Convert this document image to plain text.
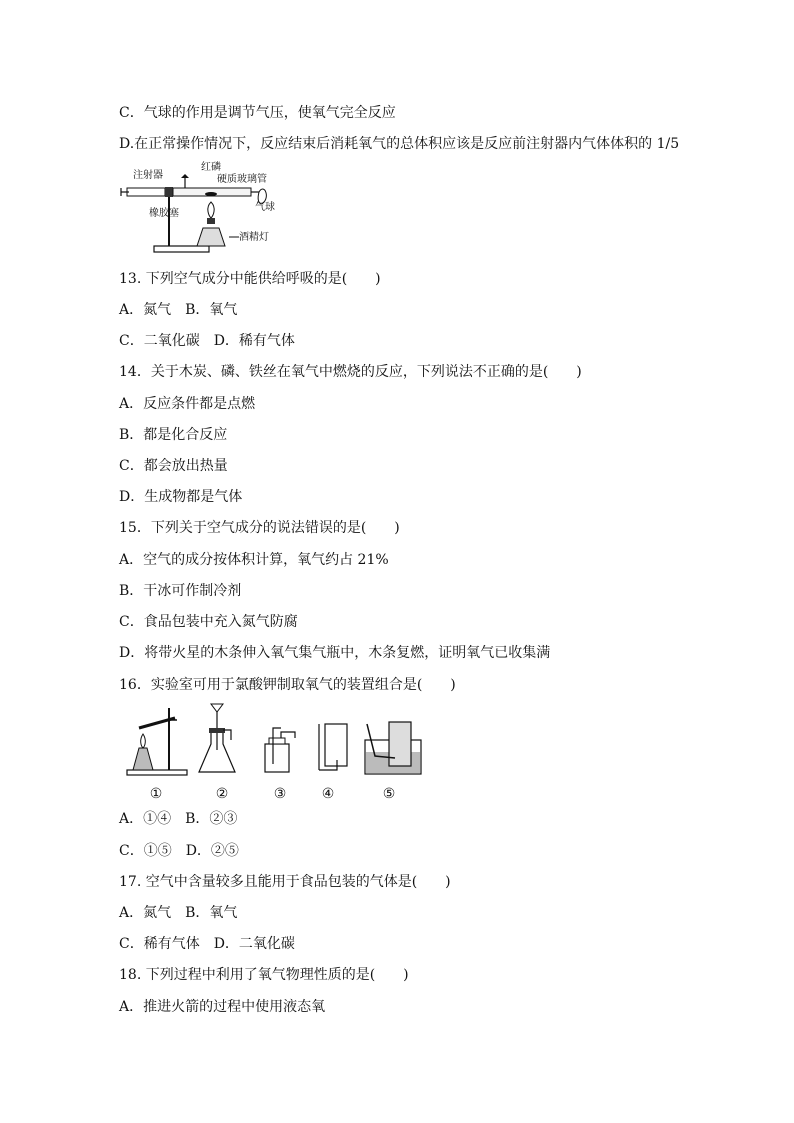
C．气球的作用是调节气压，使氧气完全反应
D.在正常操作情况下，反应结束后消耗氧气的总体积应该是反应前注射器内气体体积的 1/5
注射器
红磷
硬质玻璃管
橡胶塞
气球
酒精灯
13. 下列空气成分中能供给呼吸的是(　　)
A．氮气　B．氧气
C．二氧化碳　D．稀有气体
14．关于木炭、磷、铁丝在氧气中燃烧的反应，下列说法不正确的是(　　)
A．反应条件都是点燃
B．都是化合反应
C．都会放出热量
D．生成物都是气体
15．下列关于空气成分的说法错误的是(　　)
A．空气的成分按体积计算，氧气约占 21%
B．干冰可作制冷剂
C．食品包装中充入氮气防腐
D．将带火星的木条伸入氧气集气瓶中，木条复燃，证明氧气已收集满
16．实验室可用于氯酸钾制取氧气的装置组合是(　　)
①	②	③	④	⑤
A．①④　B．②③
C．①⑤　D．②⑤
17. 空气中含量较多且能用于食品包装的气体是(　　)
A．氮气　B．氧气
C．稀有气体　D．二氧化碳
18. 下列过程中利用了氧气物理性质的是(　　)
A．推进火箭的过程中使用液态氧
